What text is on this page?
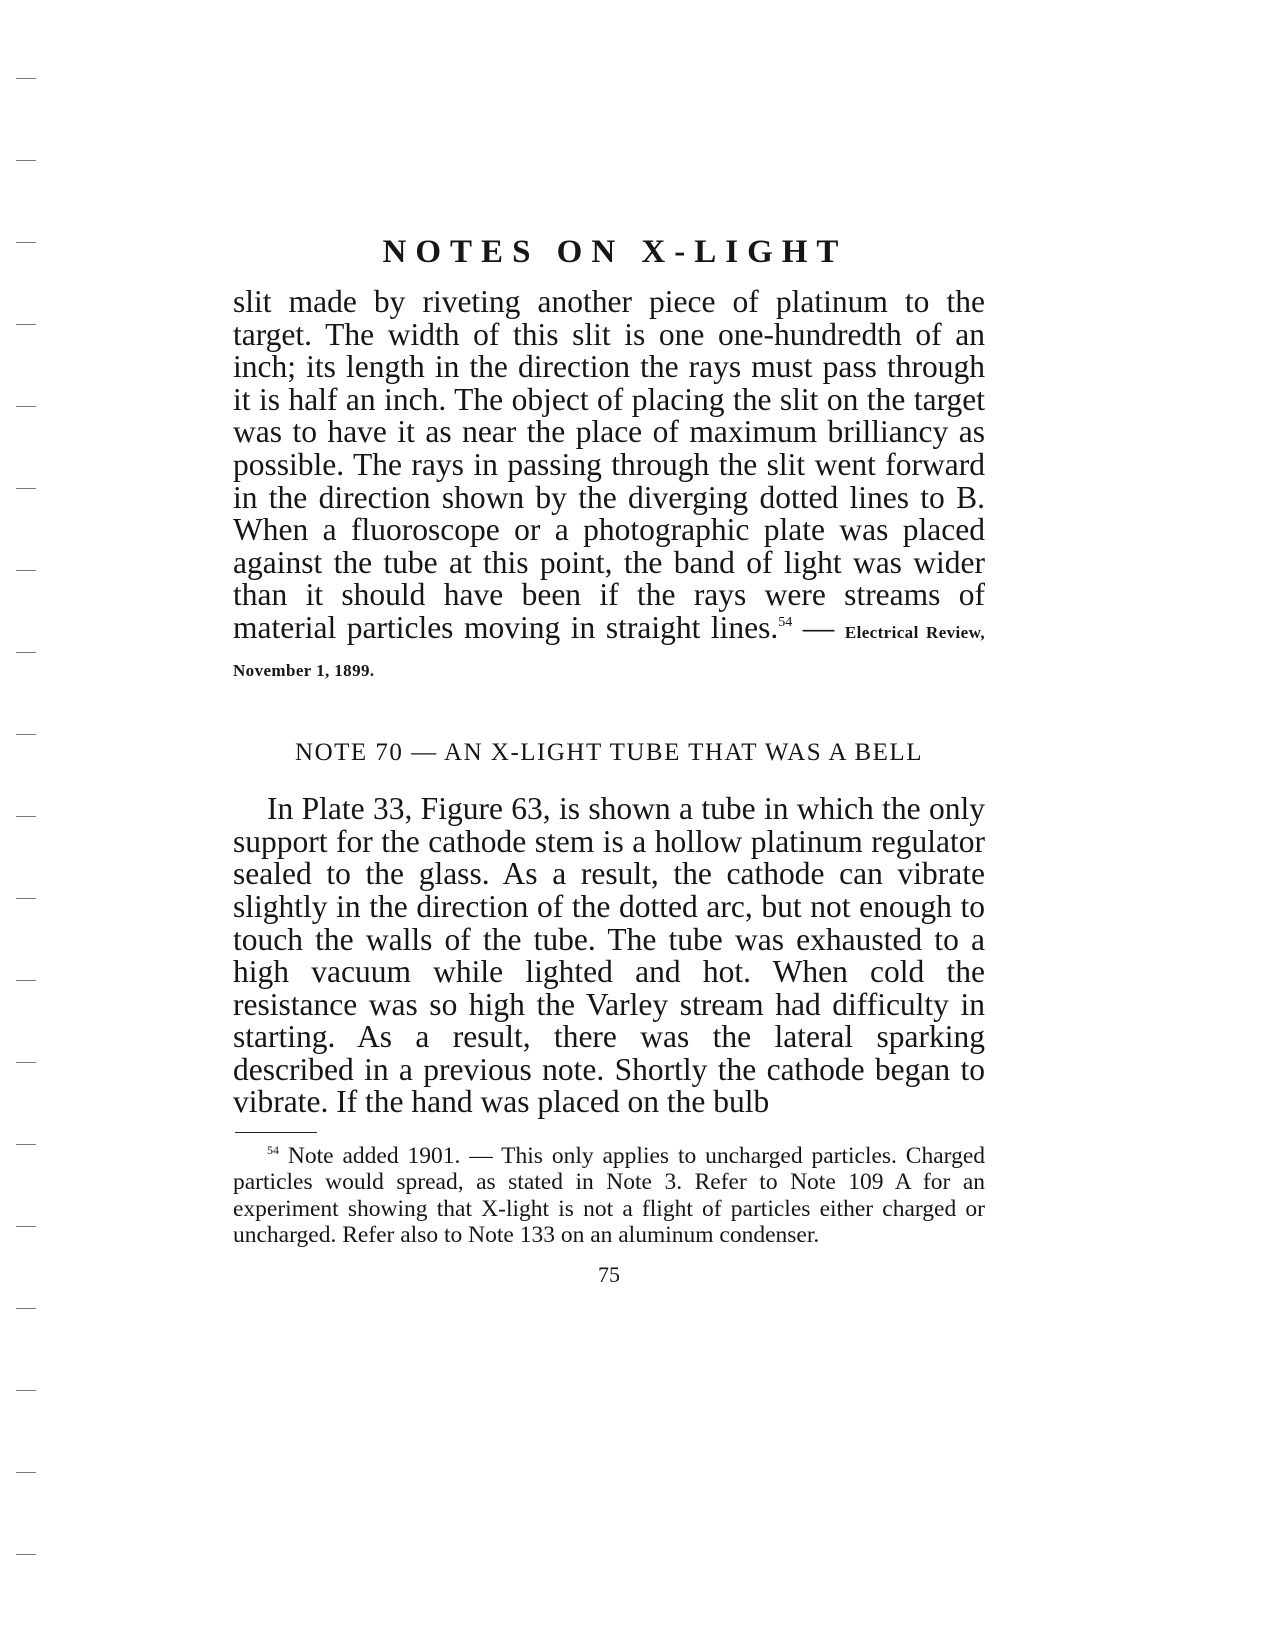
NOTES ON X-LIGHT

slit made by riveting another piece of platinum to the target. The width of this slit is one one-hundredth of an inch; its length in the direction the rays must pass through it is half an inch. The object of placing the slit on the target was to have it as near the place of maximum brilliancy as possible. The rays in passing through the slit went forward in the direction shown by the diverging dotted lines to B. When a fluoroscope or a photographic plate was placed against the tube at this point, the band of light was wider than it should have been if the rays were streams of material particles moving in straight lines.$^{54}$ — Electrical Review, November 1, 1899.

NOTE 70 — AN X-LIGHT TUBE THAT WAS A BELL

In Plate 33, Figure 63, is shown a tube in which the only support for the cathode stem is a hollow platinum regulator sealed to the glass. As a result, the cathode can vibrate slightly in the direction of the dotted arc, but not enough to touch the walls of the tube. The tube was exhausted to a high vacuum while lighted and hot. When cold the resistance was so high the Varley stream had difficulty in starting. As a result, there was the lateral sparking described in a previous note. Shortly the cathode began to vibrate. If the hand was placed on the bulb

$^{54}$ Note added 1901. — This only applies to uncharged particles. Charged particles would spread, as stated in Note 3. Refer to Note 109 A for an experiment showing that X-light is not a flight of particles either charged or uncharged. Refer also to Note 133 on an aluminum condenser.

75
